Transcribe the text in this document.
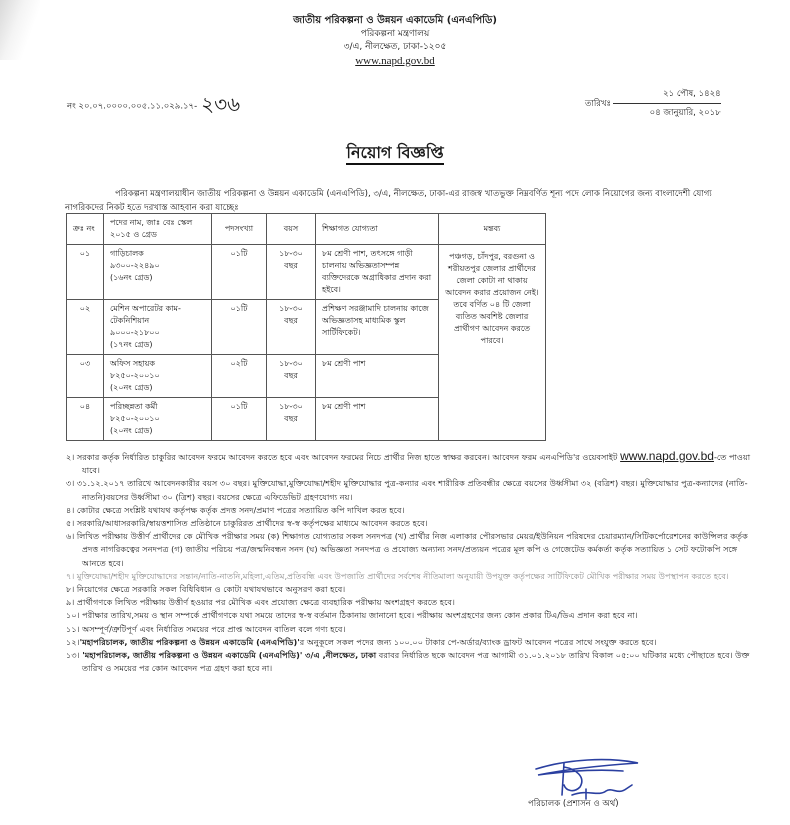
জাতীয় পরিকল্পনা ও উন্নয়ন একাডেমি (এনএপিডি)
পরিকল্পনা মন্ত্রণালয়
৩/এ, নীলক্ষেত, ঢাকা-১২০৫
www.napd.gov.bd
নং ২০.০৭.০০০০.০০৫.১১.০২৯.১৭- ২৩৬	তারিখঃ
২১ পৌষ, ১৪২৪
০৪ জানুয়ারি, ২০১৮
নিয়োগ বিজ্ঞপ্তি

পরিকল্পনা মন্ত্রণালয়াধীন জাতীয় পরিকল্পনা ও উন্নয়ন একাডেমি (এনএপিডি), ৩/এ, নীলক্ষেত, ঢাকা-এর রাজস্ব খাতভুক্ত নিম্নবর্ণিত শূন্য পদে লোক নিয়োগের জন্য বাংলাদেশী যোগ্য নাগরিকদের নিকট হতে দরখাস্ত আহবান করা যাচ্ছেঃ

ক্রঃ নং	পদের নাম, জাঃ বেঃ স্কেল ২০১৫ ও গ্রেড	পদসংখ্যা	বয়স	শিক্ষাগত যোগ্যতা	মন্তব্য
০১	গাড়িচালক
৯৩০০-২২৪৯০
(১৬নং গ্রেড)	০১টি	১৮-৩০ বছর	৮ম শ্রেণী পাশ, তৎসঙ্গে গাড়ী চালনায় অভিজ্ঞতাসম্পন্ন ব্যক্তিদেরকে অগ্রাধিকার প্রদান করা হইবে।	পঞ্চগড়, চাঁদপুর, বরগুনা ও শরীয়তপুর জেলার প্রার্থীদের জেলা কোটা না থাকায় আবেদন করার প্রয়োজন নেই। তবে বর্ণিত ০৪ টি জেলা ব্যতিত অবশিষ্ট জেলার প্রার্থীগণ আবেদন করতে পারবে।
০২	মেশিন অপারেটর কাম-টেকনিশিয়ান
৯০০০-২১৮০০
(১৭নং গ্রেড)	০১টি	১৮-৩০ বছর	প্রশিক্ষণ সরঞ্জামাদি চালনায় কাজে অভিজ্ঞতাসহ মাধ্যমিক স্কুল সার্টিফিকেট।	
০৩	অফিস সহায়ক
৮২৫০-২০০১০
(২০নং গ্রেড)	০২টি	১৮-৩০ বছর	৮ম শ্রেণী পাশ	
০৪	পরিচ্ছন্নতা কর্মী
৮২৫০-২০০১০
(২০নং গ্রেড)	০১টি	১৮-৩০ বছর	৮ম শ্রেণী পাশ	

২। সরকার কর্তৃক নির্ধারিত চাকুরির আবেদন ফরমে আবেদন করতে হবে এবং আবেদন ফরমের নিচে প্রার্থীর নিজ হাতে স্বাক্ষর করবেন। আবেদন ফরম এনএপিডি'র ওয়েবসাইট www.napd.gov.bd-তে পাওয়া যাবে।

৩। ৩১.১২.২০১৭ তারিখে আবেদনকারীর বয়স ৩০ বছর। মুক্তিযোদ্ধা,মুক্তিযোদ্ধা/শহীদ মুক্তিযোদ্ধার পুত্র-কন্যার এবং শারীরিক প্রতিবন্ধীর ক্ষেত্রে বয়সের উর্ধ্বসীমা ৩২ (বত্রিশ) বছর। মুক্তিযোদ্ধার পুত্র-কন্যাদের (নাতি-নাতনি)বয়সের উর্ধ্বসীমা ৩০ (ত্রিশ) বছর। বয়সের ক্ষেত্রে এফিডেভিট গ্রহণযোগ্য নয়।

৪। কোটার ক্ষেত্রে সংশ্লিষ্ট যথাযথ কর্তৃপক্ষ কর্তৃক প্রদত্ত সনদ/প্রমাণ পত্রের সত্যায়িত কপি দাখিল করত হবে।

৫। সরকারি/আধাসরকারি/স্বায়ত্তশাসিত প্রতিষ্ঠানে চাকুরিরত প্রার্থীদের স্ব-স্ব কর্তৃপক্ষের মাধ্যমে আবেদন করতে হবে।

৬। লিখিত পরীক্ষায় উত্তীর্ণ প্রার্থীদের কে মৌখিক পরীক্ষার সময় (ক) শিক্ষাগত যোগ্যতার সকল সনদপত্র (খ) প্রার্থীর নিজ এলাকার পৌরসভার মেয়র/ইউনিয়ন পরিষদের চেয়ারম্যান/সিটিকর্পোরেশনের কাউন্সিলর কর্তৃক প্রদত্ত নাগরিকত্বের সনদপত্র (গ) জাতীয় পরিচয় পত্র/জন্মনিবন্ধন সনদ (ঘ) অভিজ্ঞতা সনদপত্র ও প্রযোজ্য অন্যান্য সনদ/প্রত্যয়ন পত্রের মূল কপি ও গেজেটেড কর্মকর্তা কর্তৃক সত্যায়িত ১ সেট ফটোকপি সঙ্গে আনতে হবে।

৭। মুক্তিযোদ্ধা/শহীদ মুক্তিযোদ্ধাদের সন্তান/নাতি-নাতনি,মহিলা,এতিম,প্রতিবন্ধি এবং উপজাতি প্রার্থীদের সর্বশেষ নীতিমালা অনুযায়ী উপযুক্ত কর্তৃপক্ষের সার্টিফিকেট মৌখিক পরীক্ষার সময় উপস্থাপন করতে হবে।

৮। নিয়োগের ক্ষেত্রে সরকারি সকল বিধিবিধান ও কোটা যথাযথভাবে অনুসরণ করা হবে।

৯। প্রার্থীগণকে লিখিত পরীক্ষায় উত্তীর্ণ হওয়ার পর মৌখিক এবং প্রযোজ্য ক্ষেত্রে ব্যবহারিক পরীক্ষায় অংশগ্রহণ করতে হবে।

১০। পরীক্ষার তারিখ,সময় ও স্থান সম্পর্কে প্রার্থীগণকে যথা সময়ে তাদের স্ব-স্ব বর্তমান ঠিকানায় জানানো হবে। পরীক্ষায় অংশগ্রহণের জন্য কোন প্রকার টিএ/ডিএ প্রদান করা হবে না।

১১। অসম্পূর্ণ/ত্রুটিপূর্ণ এবং নির্ধারিত সময়ের পরে প্রাপ্ত আবেদন বাতিল বলে গণ্য হবে।

১২।'মহাপরিচালক, জাতীয় পরিকল্পনা ও উন্নয়ন একাডেমি (এনএপিডি)'র অনুকূলে সকল পদের জন্য ১০০.০০ টাকার পে-অর্ডার/ব্যাংক ড্রাফট আবেদন পত্রের সাথে সংযুক্ত করতে হবে।

১৩। 'মহাপরিচালক, জাতীয় পরিকল্পনা ও উন্নয়ন একাডেমি (এনএপিডি)' ৩/এ ,নীলক্ষেত, ঢাকা বরাবর নির্ধারিত ছকে আবেদন পত্র আগামী ৩১.০১.২০১৮ তারিখ বিকাল ০৫:০০ ঘটিকার মধ্যে পৌছাতে হবে। উক্ত তারিখ ও সময়ের পর কোন আবেদন পত্র গ্রহণ করা হবে না।

পরিচালক (প্রশাসন ও অর্থ)
